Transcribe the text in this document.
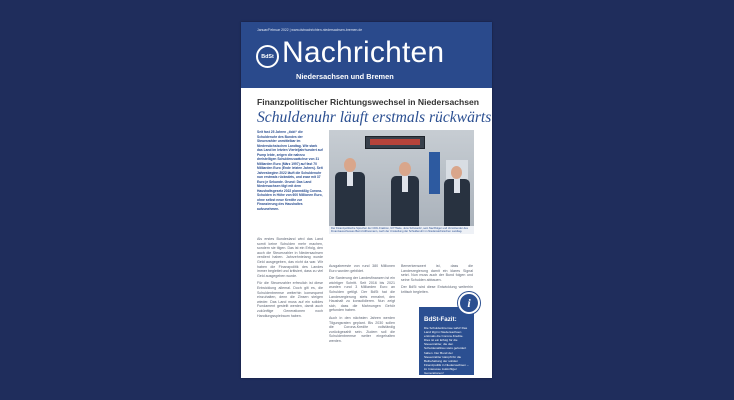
Januar/Februar 2022 | www.dstnachrichten-niedersachsen-bremen.de
BdSt Nachrichten
Niedersachsen und Bremen
Finanzpolitischer Richtungswechsel in Niedersachsen
Schuldenuhr läuft erstmals rückwärts
Seit fast 25 Jahren „tickt“ die Schuldenuhr des Bundes der Steuerzahler unmittelbar im Niedersächsischen Landtag. Wie stark das Land im letzten Vierteljahrhundert auf Pump lebte, zeigen die nahezu dreistelligen Schuldenzuwächse von 31 Milliarden Euro (März 1997) auf fast 70 Milliarden Euro (Ende letzten Jahres). Seit Jahresbeginn 2022 läuft die Schuldenuhr nun erstmals rückwärts, und zwar mit 37 Euro je Sekunde. Grund: Das Land Niedersachsen tilgt mit dem Haushaltsgesetz 2022 planmäßig Corona-Schulden in Höhe von 600 Millionen Euro, ohne selbst neue Kredite zur Finanzierung des Haushaltes aufzunehmen.
Der Finanzpolitische Sprecher der CDU-Fraktion, Ulf Thiele, Jens Schwanitz, sein Nachfolger und Vorsitzender des Finanzausschusses Bernd Althusmann, nach der Umstellung der Schuldenuhr im Niedersächsischen Landtag.

Als erstes Bundesland wird das Land somit keine Schulden mehr machen, sondern sie tilgen. Das ist ein Erfolg, den auch die Steuerzahler in Niedersachsen verdient haben. Jahrzehntelang wurde Geld ausgegeben, das nicht da war. Wir haben die Finanzpolitik des Landes immer begleitet und kritisiert, dass zu viel Geld ausgegeben wurde.

Für die Steuerzahler erfreulich ist diese Entwicklung allemal. Doch gilt es, die Schuldenbremse weiterhin konsequent einzuhalten, denn die Zinsen steigen wieder. Das Land muss auf ein solides Fundament gestellt werden, damit auch zukünftige Generationen noch Handlungsspielraum haben.

Ausgabereste von rund 380 Millionen Euro wurden gebildet.

Die Sanierung der Landesfinanzen ist ein wichtiger Schritt. Seit 2016 bis 2021 wurden rund 3 Milliarden Euro an Schulden getilgt. Der BdSt hat die Landesregierung stets ermahnt, den Haushalt zu konsolidieren. Nun zeigt sich, dass die Mahnungen Gehör gefunden haben.

Auch in den nächsten Jahren werden Tilgungsraten geplant. Bis 2030 sollen die Corona-Kredite vollständig zurückgezahlt sein. Zudem soll die Schuldenbremse weiter eingehalten werden.

Bemerkenswert ist, dass die Landesregierung damit ein klares Signal setzt. Nun muss auch der Bund folgen und seine Schulden abbauen.

Der BdSt wird diese Entwicklung weiterhin kritisch begleiten.

BdSt-Fazit:
Die Schuldenbremse wirkt! Das Land tilgt in Niedersachsen erstmals die Corona-Kredite. Dies ist ein Erfolg für die Steuerzahler, die den Schuldenabbau stets gefordert haben. Der Bund der Steuerzahler kämpft für die Beibehaltung der soliden Finanzpolitik in Niedersachsen – im Interesse zukünftiger Generationen!
i
